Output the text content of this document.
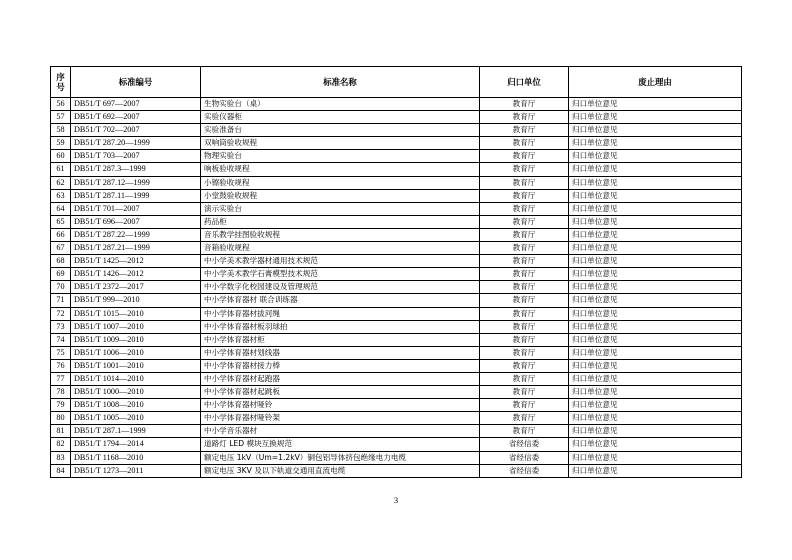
序号	标准编号	标准名称	归口单位	废止理由
56	DB51/T 697—2007	生物实验台（桌）	教育厅	归口单位意见
57	DB51/T 692—2007	实验仪器柜	教育厅	归口单位意见
58	DB51/T 702—2007	实验准备台	教育厅	归口单位意见
59	DB51/T 287.20—1999	双响筒验收规程	教育厅	归口单位意见
60	DB51/T 703—2007	物理实验台	教育厅	归口单位意见
61	DB51/T 287.3—1999	响板验收规程	教育厅	归口单位意见
62	DB51/T 287.12—1999	小镲验收规程	教育厅	归口单位意见
63	DB51/T 287.11—1999	小堂鼓验收规程	教育厅	归口单位意见
64	DB51/T 701—2007	演示实验台	教育厅	归口单位意见
65	DB51/T 696—2007	药品柜	教育厅	归口单位意见
66	DB51/T 287.22—1999	音乐教学挂图验收规程	教育厅	归口单位意见
67	DB51/T 287.21—1999	音箱验收规程	教育厅	归口单位意见
68	DB51/T 1425—2012	中小学美术教学器材通用技术规范	教育厅	归口单位意见
69	DB51/T 1426—2012	中小学美术教学石膏模型技术规范	教育厅	归口单位意见
70	DB51/T 2372—2017	中小学数字化校园建设及管理规范	教育厅	归口单位意见
71	DB51/T 999—2010	中小学体育器材 联合训练器	教育厅	归口单位意见
72	DB51/T 1015—2010	中小学体育器材拔河绳	教育厅	归口单位意见
73	DB51/T 1007—2010	中小学体育器材板羽球拍	教育厅	归口单位意见
74	DB51/T 1009—2010	中小学体育器材柜	教育厅	归口单位意见
75	DB51/T 1006—2010	中小学体育器材划线器	教育厅	归口单位意见
76	DB51/T 1001—2010	中小学体育器材接力棒	教育厅	归口单位意见
77	DB51/T 1014—2010	中小学体育器材起跑器	教育厅	归口单位意见
78	DB51/T 1000—2010	中小学体育器材起跳板	教育厅	归口单位意见
79	DB51/T 1008—2010	中小学体育器材哑铃	教育厅	归口单位意见
80	DB51/T 1005—2010	中小学体育器材哑铃架	教育厅	归口单位意见
81	DB51/T 287.1—1999	中小学音乐器材	教育厅	归口单位意见
82	DB51/T 1794—2014	道路灯 LED 模块互换规范	省经信委	归口单位意见
83	DB51/T 1168—2010	额定电压 1kV（Um=1.2kV）铜包铝导体挤包绝缘电力电缆	省经信委	归口单位意见
84	DB51/T 1273—2011	额定电压 3KV 及以下轨道交通用直流电缆	省经信委	归口单位意见
3
